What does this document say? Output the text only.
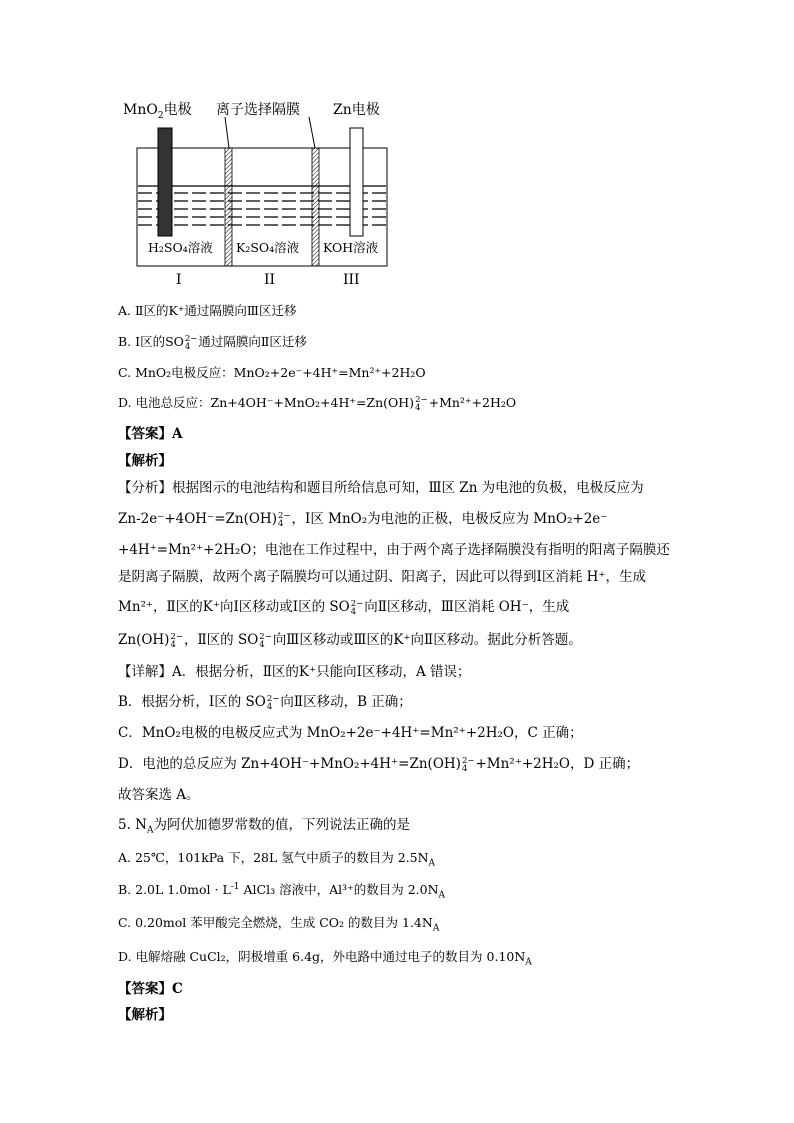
MnO$_2$电极 离子选择隔膜 Zn电极
H₂SO₄溶液 K₂SO₄溶液 KOH溶液
I	II	III
A. Ⅱ区的K⁺通过隔膜向Ⅲ区迁移
B. Ⅰ区的SO 2−
4 通过隔膜向Ⅱ区迁移
C. MnO₂电极反应：MnO₂+2e⁻+4H⁺=Mn²⁺+2H₂O
D. 电池总反应：Zn+4OH⁻+MnO₂+4H⁺=Zn(OH) 2−
4 +Mn²⁺+2H₂O
【答案】A
【解析】
【分析】根据图示的电池结构和题目所给信息可知，Ⅲ区 Zn 为电池的负极，电极反应为
Zn-2e⁻+4OH⁻=Zn(OH) 2−
4 ，Ⅰ区 MnO₂为电池的正极，电极反应为 MnO₂+2e⁻
+4H⁺=Mn²⁺+2H₂O；电池在工作过程中，由于两个离子选择隔膜没有指明的阳离子隔膜还
是阴离子隔膜，故两个离子隔膜均可以通过阴、阳离子，因此可以得到Ⅰ区消耗 H⁺，生成
Mn²⁺，Ⅱ区的K⁺向Ⅰ区移动或Ⅰ区的 SO 2−
4 向Ⅱ区移动，Ⅲ区消耗 OH⁻，生成
Zn(OH) 2−
4 ，Ⅱ区的 SO 2−
4 向Ⅲ区移动或Ⅲ区的K⁺向Ⅱ区移动。据此分析答题。
【详解】A．根据分析，Ⅱ区的K⁺只能向Ⅰ区移动，A 错误；
B．根据分析，Ⅰ区的 SO 2−
4 向Ⅱ区移动，B 正确；
C．MnO₂电极的电极反应式为 MnO₂+2e⁻+4H⁺=Mn²⁺+2H₂O，C 正确；
D．电池的总反应为 Zn+4OH⁻+MnO₂+4H⁺=Zn(OH) 2−
4 +Mn²⁺+2H₂O，D 正确；
故答案选 A。
5. $N_A$为阿伏加德罗常数的值，下列说法正确的是
A. 25℃，101kPa 下，28L 氢气中质子的数目为 $2.5N_A$
B. 2.0L $1.0mol \cdot L^{-1}$ AlCl₃ 溶液中，Al³⁺的数目为 $2.0N_A$
C. 0.20mol 苯甲酸完全燃烧，生成 CO₂ 的数目为 $1.4N_A$
D. 电解熔融 CuCl₂，阴极增重 6.4g，外电路中通过电子的数目为 $0.10N_A$
【答案】C
【解析】
